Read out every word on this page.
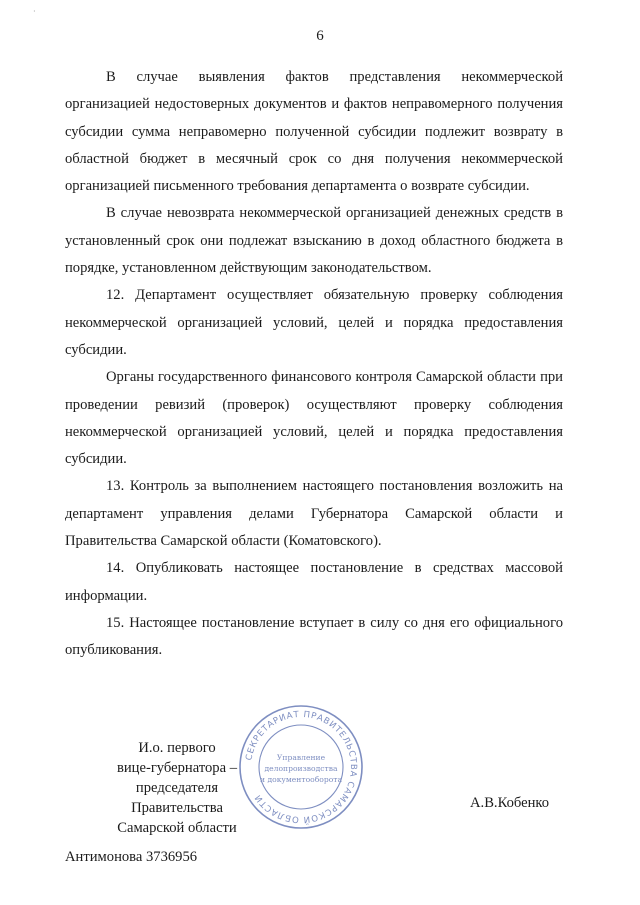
·
6

В случае выявления фактов представления некоммерческой организацией недостоверных документов и фактов неправомерного получения субсидии сумма неправомерно полученной субсидии подлежит возврату в областной бюджет в месячный срок со дня получения некоммерческой организацией письменного требования департамента о возврате субсидии.

В случае невозврата некоммерческой организацией денежных средств в установленный срок они подлежат взысканию в доход областного бюджета в порядке, установленном действующим законодательством.

12. Департамент осуществляет обязательную проверку соблюдения некоммерческой организацией условий, целей и порядка предоставления субсидии.

Органы государственного финансового контроля Самарской области при проведении ревизий (проверок) осуществляют проверку соблюдения некоммерческой организацией условий, целей и порядка предоставления субсидии.

13. Контроль за выполнением настоящего постановления возложить на департамент управления делами Губернатора Самарской области и Правительства Самарской области (Коматовского).

14. Опубликовать настоящее постановление в средствах массовой информации.

15. Настоящее постановление вступает в силу со дня его официального опубликования.

И.о. первого
вице-губернатора –
председателя Правительства
Самарской области
СЕКРЕТАРИАТ ПРАВИТЕЛЬСТВА САМАРСКОЙ ОБЛАСТИ
Управление
делопроизводства
и документооборота
А.В.Кобенко
Антимонова 3736956
